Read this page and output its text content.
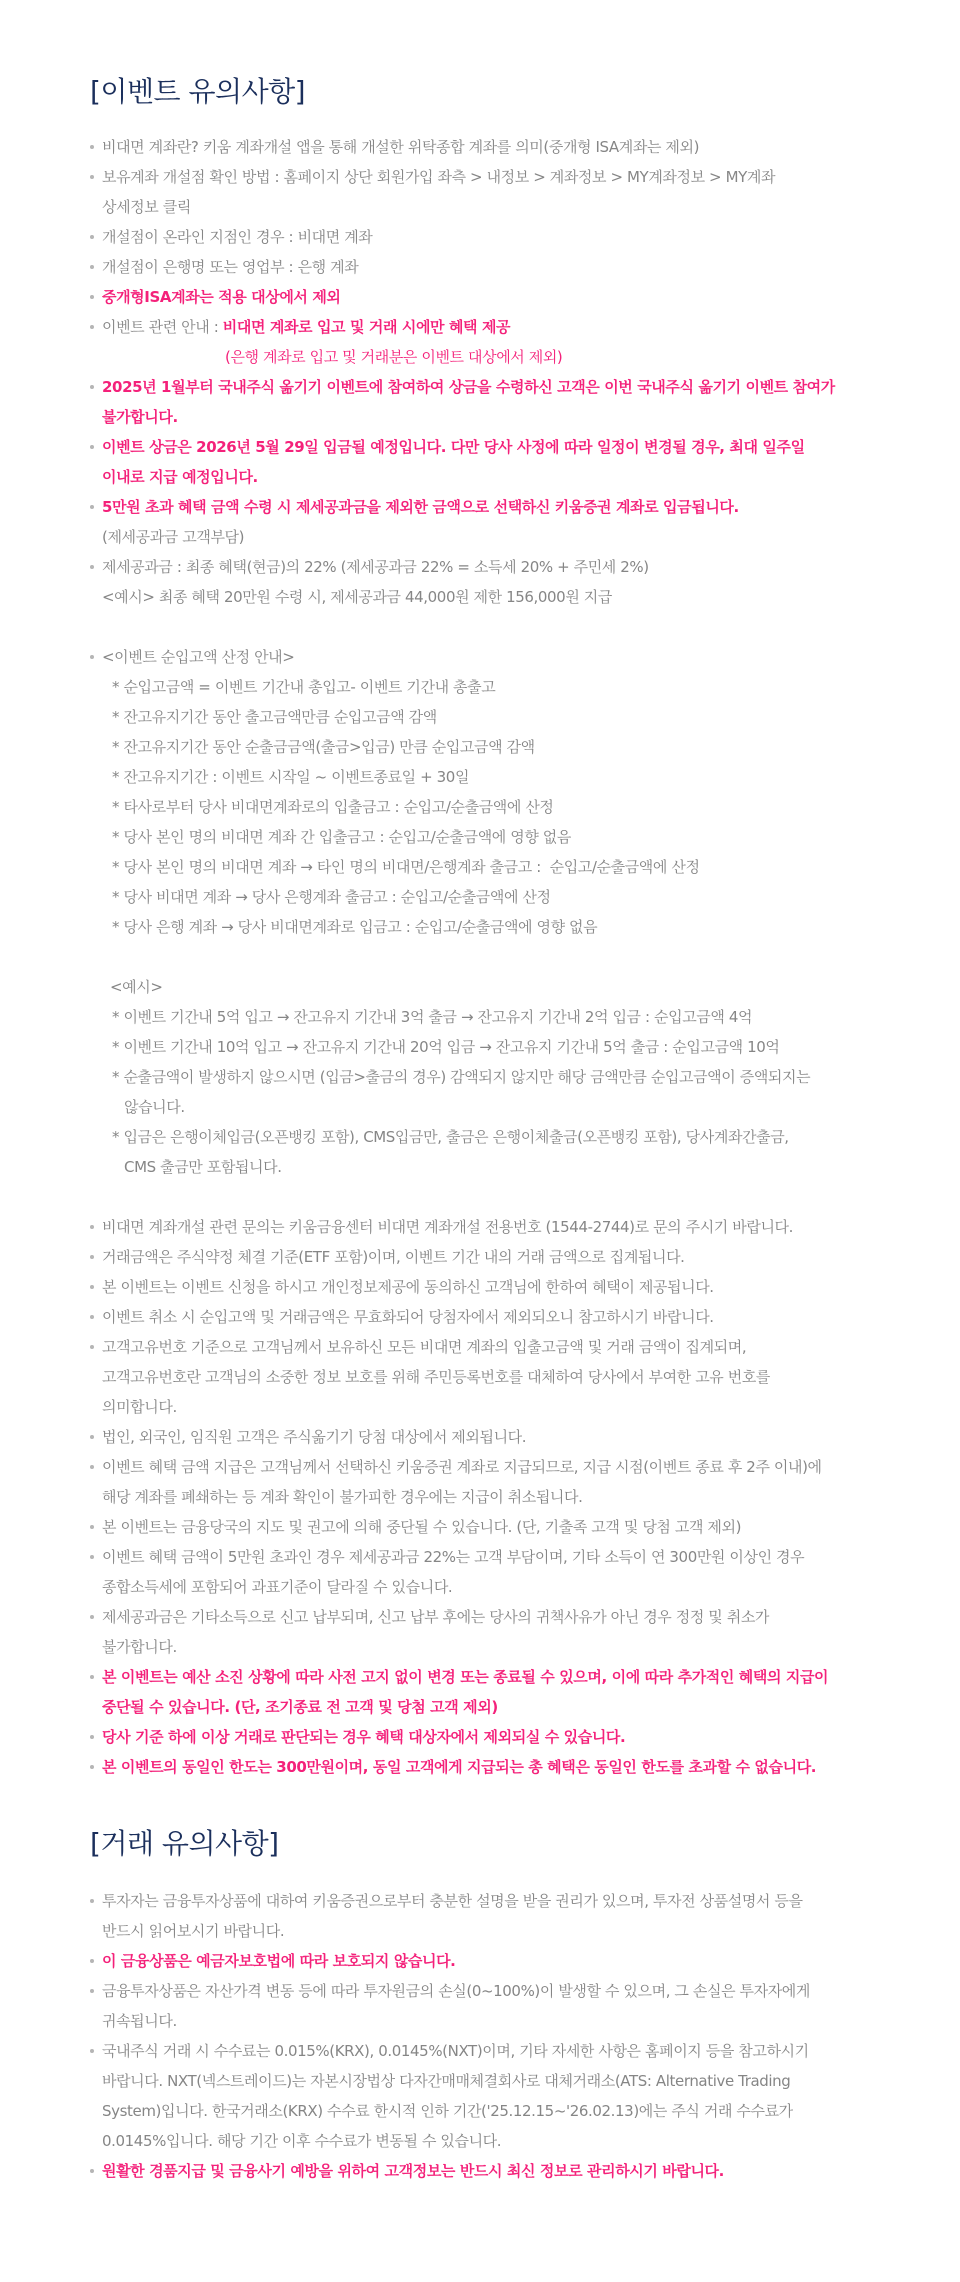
[이벤트 유의사항]
비대면 계좌란? 키움 계좌개설 앱을 통해 개설한 위탁종합 계좌를 의미(중개형 ISA계좌는 제외)
보유계좌 개설점 확인 방법 : 홈페이지 상단 회원가입 좌측 > 내정보 > 계좌정보 > MY계좌정보 > MY계좌
상세정보 클릭
개설점이 온라인 지점인 경우 : 비대면 계좌
개설점이 은행명 또는 영업부 : 은행 계좌
중개형ISA계좌는 적용 대상에서 제외
이벤트 관련 안내 : 비대면 계좌로 입고 및 거래 시에만 혜택 제공
(은행 계좌로 입고 및 거래분은 이벤트 대상에서 제외)
2025년 1월부터 국내주식 옮기기 이벤트에 참여하여 상금을 수령하신 고객은 이번 국내주식 옮기기 이벤트 참여가
불가합니다.
이벤트 상금은 2026년 5월 29일 입금될 예정입니다. 다만 당사 사정에 따라 일정이 변경될 경우, 최대 일주일
이내로 지급 예정입니다.
5만원 초과 혜택 금액 수령 시 제세공과금을 제외한 금액으로 선택하신 키움증권 계좌로 입금됩니다.
(제세공과금 고객부담)
제세공과금 : 최종 혜택(현금)의 22% (제세공과금 22% = 소득세 20% + 주민세 2%)
<예시> 최종 혜택 20만원 수령 시, 제세공과금 44,000원 제한 156,000원 지급
<이벤트 순입고액 산정 안내>
* 순입고금액 = 이벤트 기간내 총입고- 이벤트 기간내 총출고
* 잔고유지기간 동안 출고금액만큼 순입고금액 감액
* 잔고유지기간 동안 순출금금액(출금>입금) 만큼 순입고금액 감액
* 잔고유지기간 : 이벤트 시작일 ~ 이벤트종료일 + 30일
* 타사로부터 당사 비대면계좌로의 입출금고 : 순입고/순출금액에 산정
* 당사 본인 명의 비대면 계좌 간 입출금고 : 순입고/순출금액에 영향 없음
* 당사 본인 명의 비대면 계좌 → 타인 명의 비대면/은행계좌 출금고 :  순입고/순출금액에 산정
* 당사 비대면 계좌 → 당사 은행계좌 출금고 : 순입고/순출금액에 산정
* 당사 은행 계좌 → 당사 비대면계좌로 입금고 : 순입고/순출금액에 영향 없음
<예시>
* 이벤트 기간내 5억 입고 → 잔고유지 기간내 3억 출금 → 잔고유지 기간내 2억 입금 : 순입고금액 4억
* 이벤트 기간내 10억 입고 → 잔고유지 기간내 20억 입금 → 잔고유지 기간내 5억 출금 : 순입고금액 10억
* 순출금액이 발생하지 않으시면 (입금>출금의 경우) 감액되지 않지만 해당 금액만큼 순입고금액이 증액되지는
않습니다.
* 입금은 은행이체입금(오픈뱅킹 포함), CMS입금만, 출금은 은행이체출금(오픈뱅킹 포함), 당사계좌간출금,
CMS 출금만 포함됩니다.
비대면 계좌개설 관련 문의는 키움금융센터 비대면 계좌개설 전용번호 (1544-2744)로 문의 주시기 바랍니다.
거래금액은 주식약정 체결 기준(ETF 포함)이며, 이벤트 기간 내의 거래 금액으로 집계됩니다.
본 이벤트는 이벤트 신청을 하시고 개인정보제공에 동의하신 고객님에 한하여 혜택이 제공됩니다.
이벤트 취소 시 순입고액 및 거래금액은 무효화되어 당첨자에서 제외되오니 참고하시기 바랍니다.
고객고유번호 기준으로 고객님께서 보유하신 모든 비대면 계좌의 입출고금액 및 거래 금액이 집계되며,
고객고유번호란 고객님의 소중한 정보 보호를 위해 주민등록번호를 대체하여 당사에서 부여한 고유 번호를
의미합니다.
법인, 외국인, 임직원 고객은 주식옮기기 당첨 대상에서 제외됩니다.
이벤트 혜택 금액 지급은 고객님께서 선택하신 키움증권 계좌로 지급되므로, 지급 시점(이벤트 종료 후 2주 이내)에
해당 계좌를 폐쇄하는 등 계좌 확인이 불가피한 경우에는 지급이 취소됩니다.
본 이벤트는 금융당국의 지도 및 권고에 의해 중단될 수 있습니다. (단, 기출족 고객 및 당첨 고객 제외)
이벤트 혜택 금액이 5만원 초과인 경우 제세공과금 22%는 고객 부담이며, 기타 소득이 연 300만원 이상인 경우
종합소득세에 포함되어 과표기준이 달라질 수 있습니다.
제세공과금은 기타소득으로 신고 납부되며, 신고 납부 후에는 당사의 귀책사유가 아닌 경우 정정 및 취소가
불가합니다.
본 이벤트는 예산 소진 상황에 따라 사전 고지 없이 변경 또는 종료될 수 있으며, 이에 따라 추가적인 혜택의 지급이
중단될 수 있습니다. (단, 조기종료 전 고객 및 당첨 고객 제외)
당사 기준 하에 이상 거래로 판단되는 경우 혜택 대상자에서 제외되실 수 있습니다.
본 이벤트의 동일인 한도는 300만원이며, 동일 고객에게 지급되는 총 혜택은 동일인 한도를 초과할 수 없습니다.
[거래 유의사항]
투자자는 금융투자상품에 대하여 키움증권으로부터 충분한 설명을 받을 권리가 있으며, 투자전 상품설명서 등을
반드시 읽어보시기 바랍니다.
이 금융상품은 예금자보호법에 따라 보호되지 않습니다.
금융투자상품은 자산가격 변동 등에 따라 투자원금의 손실(0~100%)이 발생할 수 있으며, 그 손실은 투자자에게
귀속됩니다.
국내주식 거래 시 수수료는 0.015%(KRX), 0.0145%(NXT)이며, 기타 자세한 사항은 홈페이지 등을 참고하시기
바랍니다. NXT(넥스트레이드)는 자본시장법상 다자간매매체결회사로 대체거래소(ATS: Alternative Trading
System)입니다. 한국거래소(KRX) 수수료 한시적 인하 기간('25.12.15~'26.02.13)에는 주식 거래 수수료가
0.0145%입니다. 해당 기간 이후 수수료가 변동될 수 있습니다.
원활한 경품지급 및 금융사기 예방을 위하여 고객정보는 반드시 최신 정보로 관리하시기 바랍니다.
